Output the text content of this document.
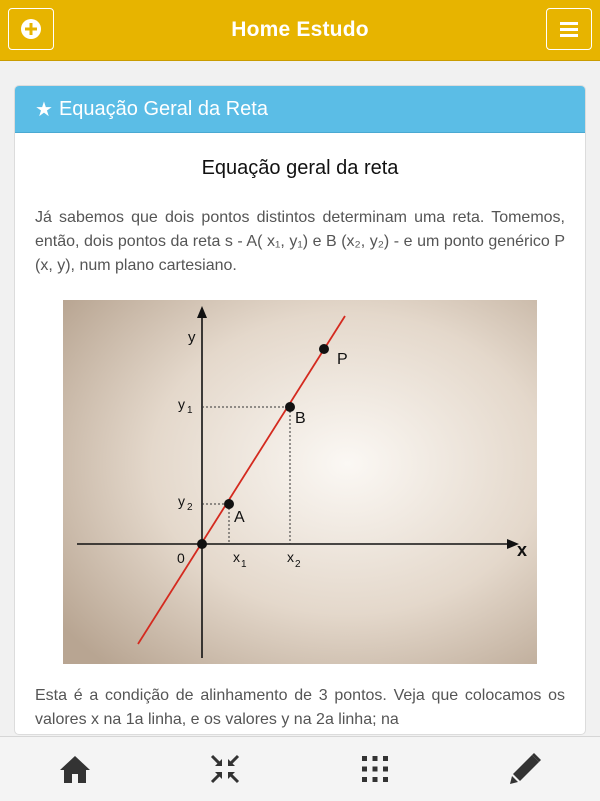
Home Estudo
★ Equação Geral da Reta
Equação geral da reta

Já sabemos que dois pontos distintos determinam uma reta. Tomemos, então, dois pontos da reta s - A( x₁, y₁) e B (x₂, y₂) - e um ponto genérico P (x, y), num plano cartesiano.

y
x
0
A
B
P
y 1
y 2
x 1	x 2

Esta é a condição de alinhamento de 3 pontos. Veja que colocamos os valores x na 1a linha, e os valores y na 2a linha; na
